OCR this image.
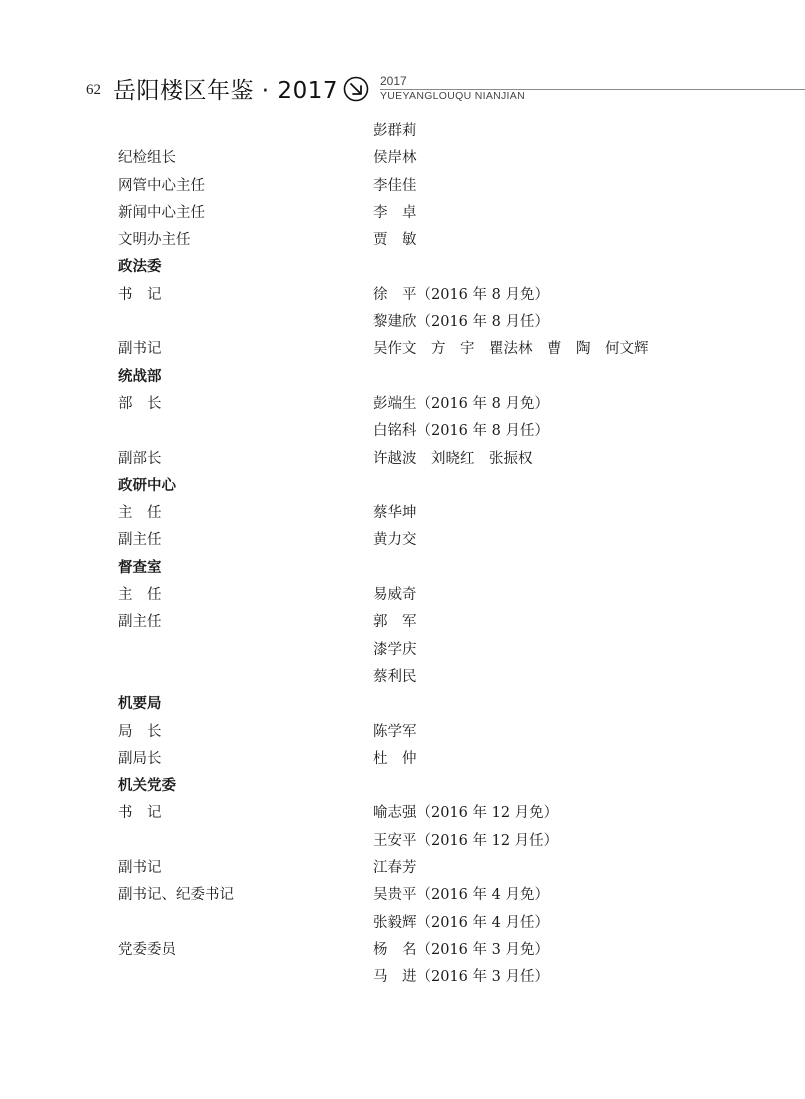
62 岳阳楼区年鉴 · 2017	2017
YUEYANGLOUQU NIANJIAN
彭群莉
纪检组长	侯岸林
网管中心主任	李佳佳
新闻中心主任	李　卓
文明办主任	贾　敏
政法委
书　记	徐　平（2016 年 8 月免）
黎建欣（2016 年 8 月任）
副书记	吴作文　方　宇　瞿法林　曹　陶　何文辉
统战部
部　长	彭端生（2016 年 8 月免）
白铭科（2016 年 8 月任）
副部长	许越波　刘晓红　张振权
政研中心
主　任	蔡华坤
副主任	黄力交
督查室
主　任	易威奇
副主任	郭　军
漆学庆
蔡利民
机要局
局　长	陈学军
副局长	杜　仲
机关党委
书　记	喻志强（2016 年 12 月免）
王安平（2016 年 12 月任）
副书记	江春芳
副书记、纪委书记	吴贵平（2016 年 4 月免）
张毅辉（2016 年 4 月任）
党委委员	杨　名（2016 年 3 月免）
马　进（2016 年 3 月任）
